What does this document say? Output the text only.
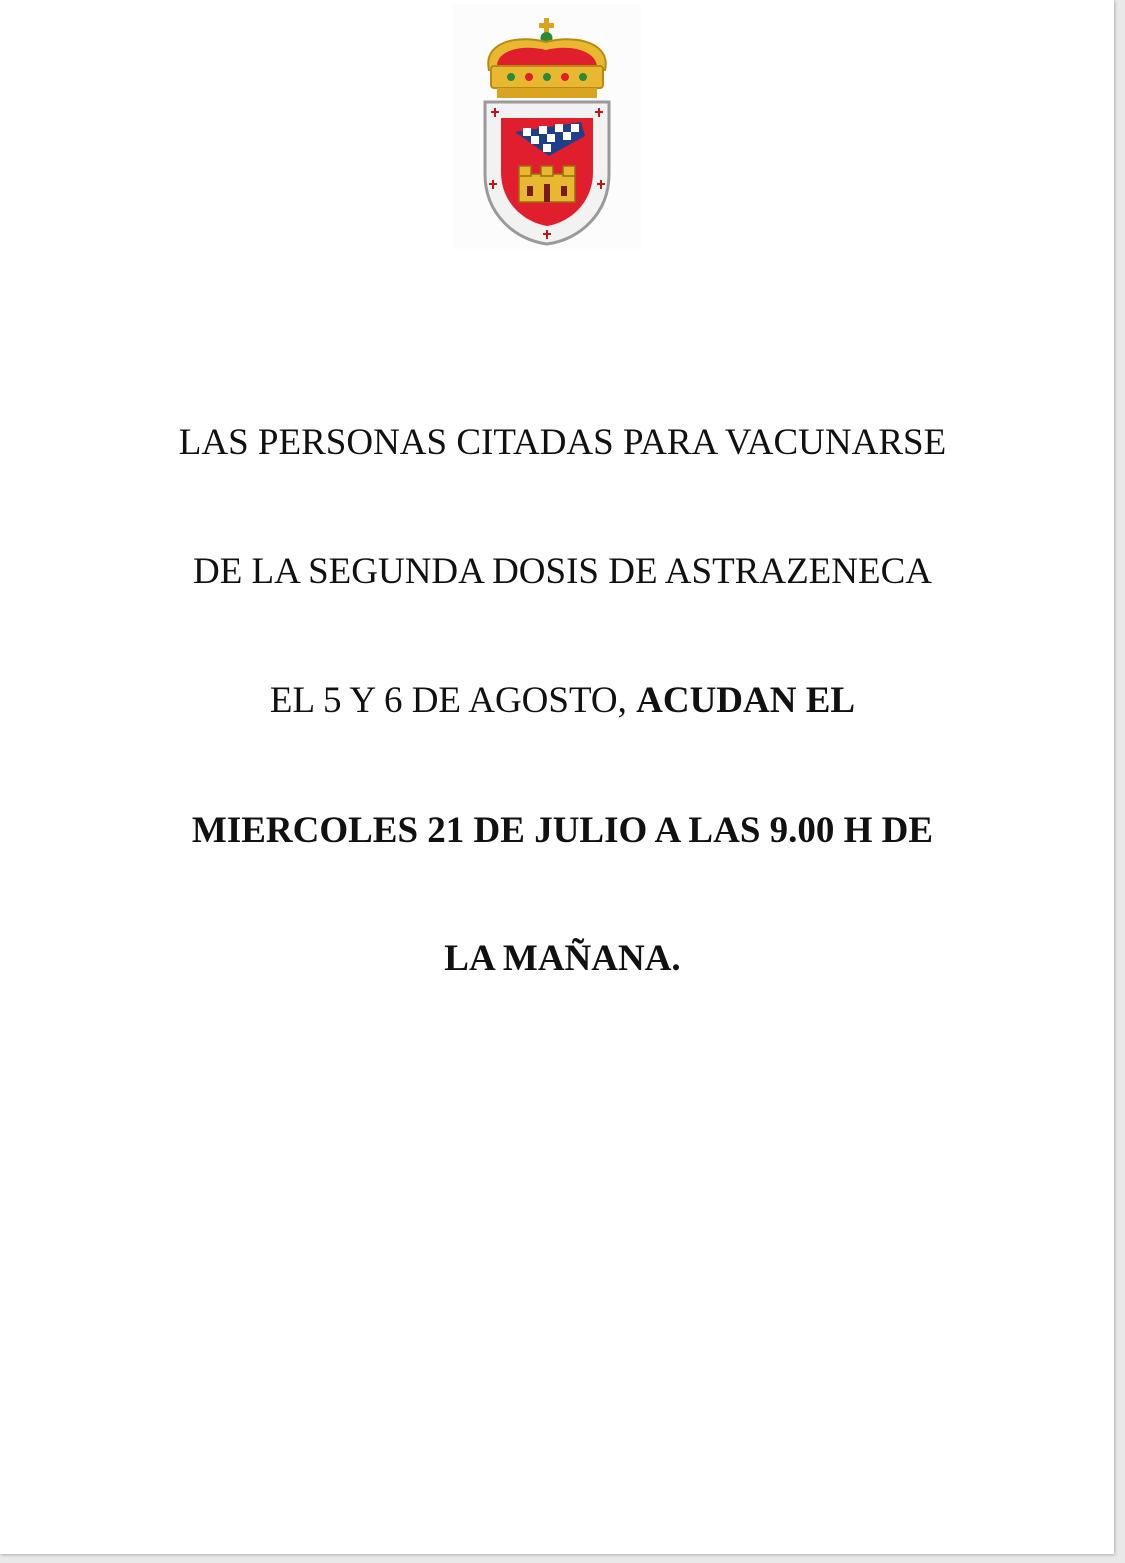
LAS PERSONAS CITADAS PARA VACUNARSE
DE LA SEGUNDA DOSIS DE ASTRAZENECA
EL 5 Y 6 DE AGOSTO, ACUDAN EL
MIERCOLES 21 DE JULIO A LAS 9.00 H DE
LA MAÑANA.
